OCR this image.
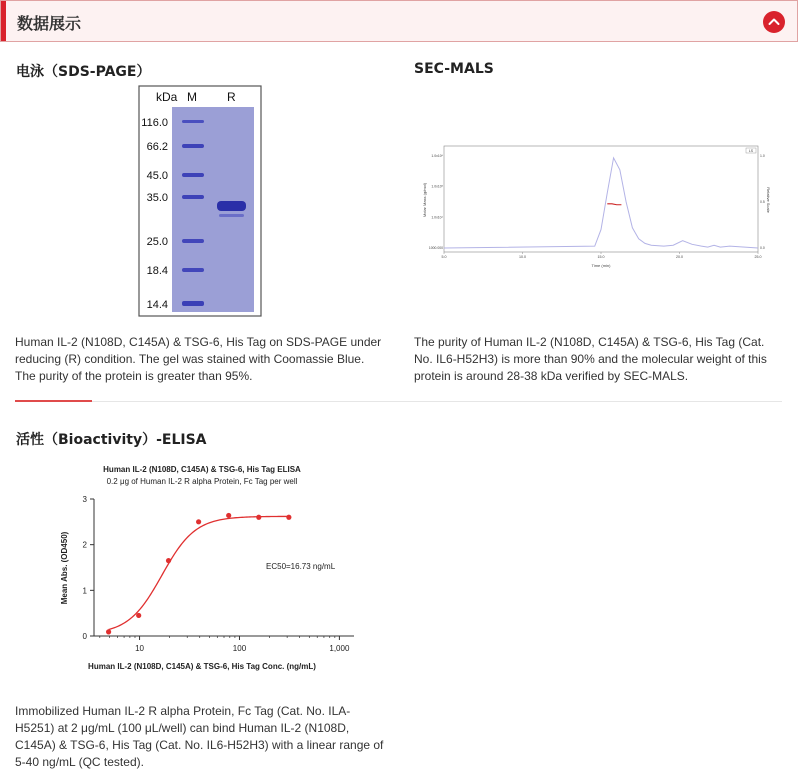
数据展示
电泳（SDS-PAGE）
kDa M	R
116.0
66.2
45.0
35.0
25.0
18.4
14.4
Human IL-2 (N108D, C145A) & TSG-6, His Tag on SDS-PAGE under reducing (R) condition. The gel was stained with Coomassie Blue. The purity of the protein is greater than 95%.
SEC-MALS
5.0	10.0	15.0	20.0	25.0
1000.000
1.0x10⁴
1.0x10⁵
1.0x10⁶
0.0
0.5
1.0
LS
Molar Mass (g/mol)	Relative Scale
Time (min)
The purity of Human IL-2 (N108D, C145A) & TSG-6, His Tag (Cat. No. IL6-H52H3) is more than 90% and the molecular weight of this protein is around 28-38 kDa verified by SEC-MALS.
活性（Bioactivity）-ELISA
Human IL-2 (N108D, C145A) & TSG-6, His Tag ELISA
0.2 μg of Human IL-2 R alpha Protein, Fc Tag per well
10	100	1,000
0
1
2
3
EC50=16.73 ng/mL
Mean Abs. (OD450)
Human IL-2 (N108D, C145A) & TSG-6, His Tag Conc. (ng/mL)
Immobilized Human IL-2 R alpha Protein, Fc Tag (Cat. No. ILA-H5251) at 2 μg/mL (100 μL/well) can bind Human IL-2 (N108D, C145A) & TSG-6, His Tag (Cat. No. IL6-H52H3) with a linear range of 5-40 ng/mL (QC tested).
